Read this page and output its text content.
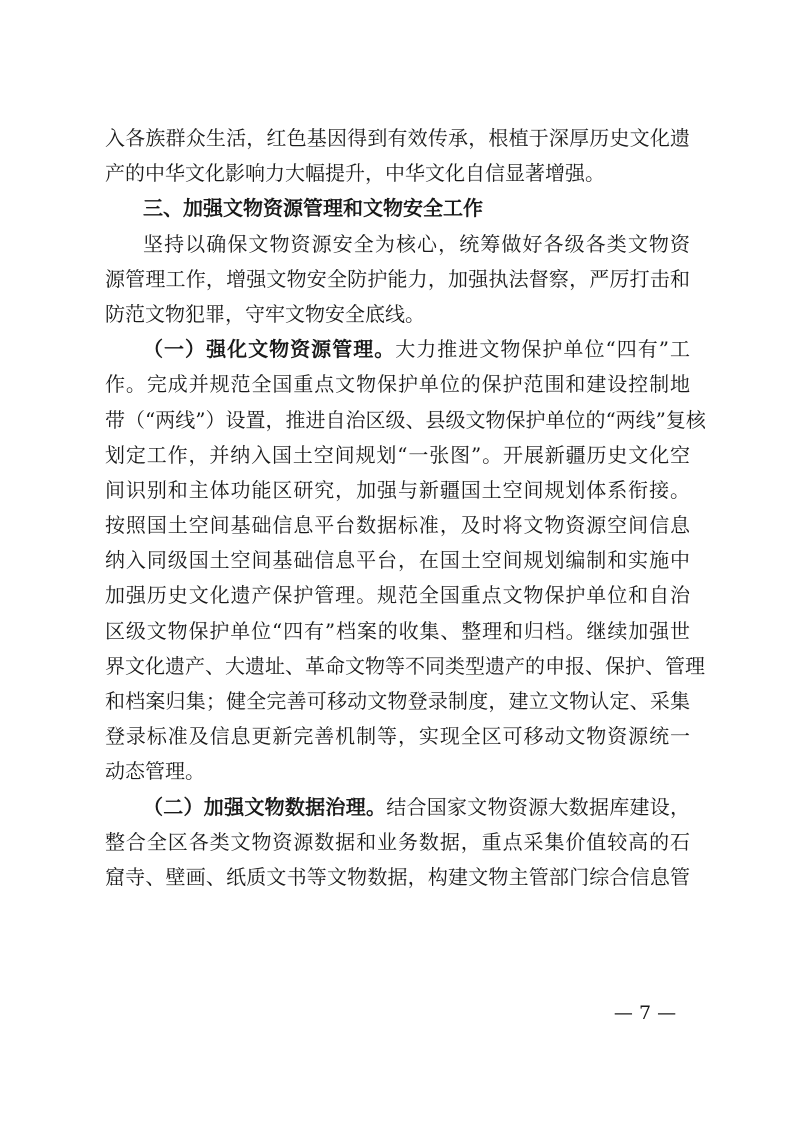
入各族群众生活，红色基因得到有效传承，根植于深厚历史文化遗
产的中华文化影响力大幅提升，中华文化自信显著增强。
三、加强文物资源管理和文物安全工作
坚持以确保文物资源安全为核心，统筹做好各级各类文物资
源管理工作，增强文物安全防护能力，加强执法督察，严厉打击和
防范文物犯罪，守牢文物安全底线。
（一）强化文物资源管理。大力推进文物保护单位“四有”工
作。完成并规范全国重点文物保护单位的保护范围和建设控制地
带（“两线”）设置，推进自治区级、县级文物保护单位的“两线”复核
划定工作，并纳入国土空间规划“一张图”。开展新疆历史文化空
间识别和主体功能区研究，加强与新疆国土空间规划体系衔接。
按照国土空间基础信息平台数据标准，及时将文物资源空间信息
纳入同级国土空间基础信息平台，在国土空间规划编制和实施中
加强历史文化遗产保护管理。规范全国重点文物保护单位和自治
区级文物保护单位“四有”档案的收集、整理和归档。继续加强世
界文化遗产、大遗址、革命文物等不同类型遗产的申报、保护、管理
和档案归集；健全完善可移动文物登录制度，建立文物认定、采集
登录标准及信息更新完善机制等，实现全区可移动文物资源统一
动态管理。
（二）加强文物数据治理。结合国家文物资源大数据库建设，
整合全区各类文物资源数据和业务数据，重点采集价值较高的石
窟寺、壁画、纸质文书等文物数据，构建文物主管部门综合信息管
— 7 —
